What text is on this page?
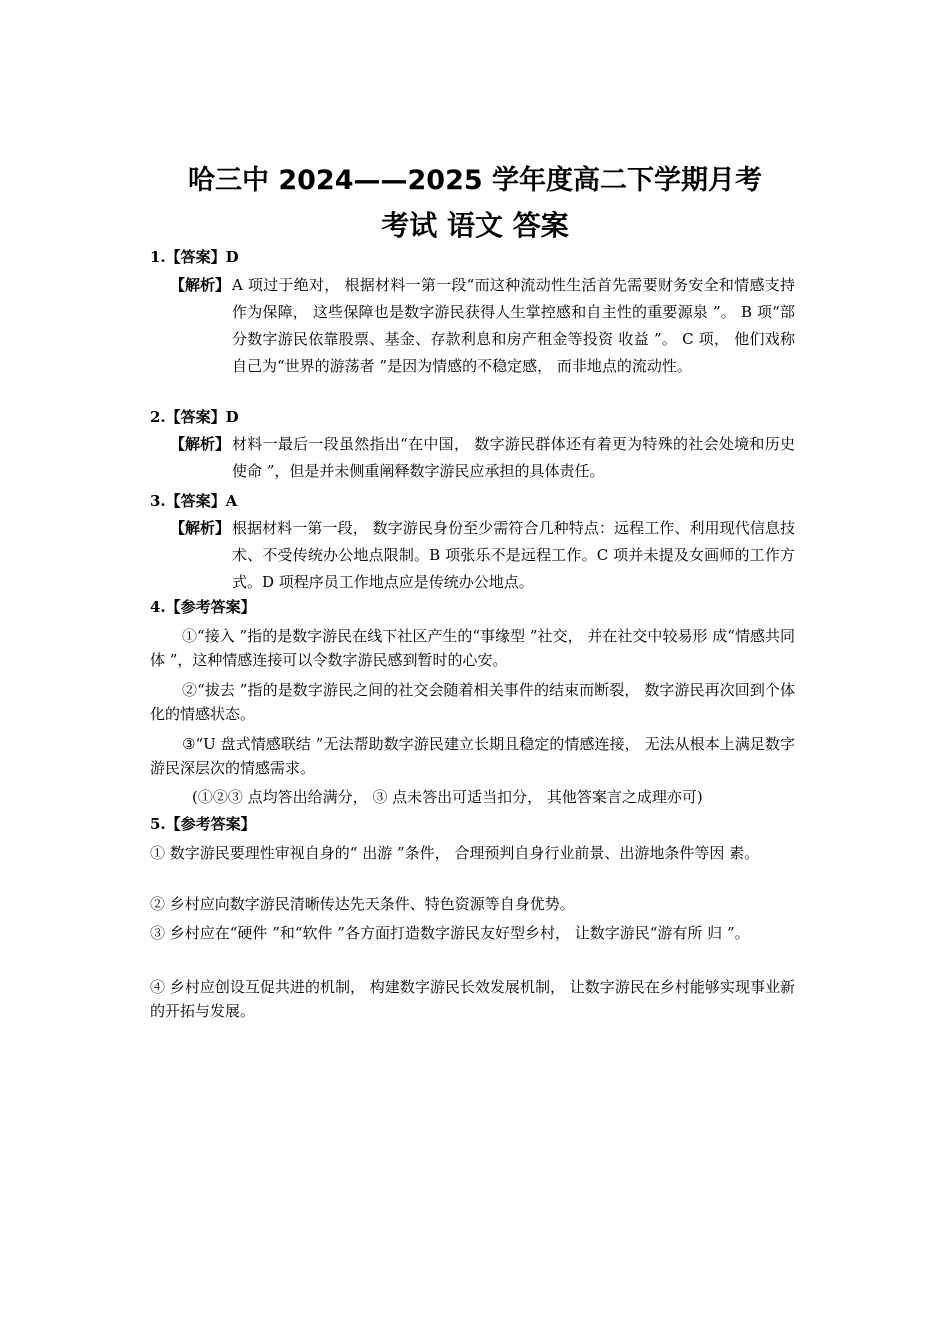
哈三中 2024——2025 学年度高二下学期月考
考试 语文 答案
1.【答案】D
【解析】 A 项过于绝对， 根据材料一第一段“而这种流动性生活首先需要财务安全和情感支持作为保障， 这些保障也是数字游民获得人生掌控感和自主性的重要源泉 ”。 B 项“部分数字游民依靠股票、基金、存款利息和房产租金等投资 收益 ”。 C 项， 他们戏称自己为“世界的游荡者 ”是因为情感的不稳定感， 而非地点的流动性。
2.【答案】D
【解析】 材料一最后一段虽然指出“在中国， 数字游民群体还有着更为特殊的社会处境和历史使命 ”，但是并未侧重阐释数字游民应承担的具体责任。
3.【答案】A
【解析】 根据材料一第一段， 数字游民身份至少需符合几种特点：远程工作、利用现代信息技术、不受传统办公地点限制。B 项张乐不是远程工作。C 项并未提及女画师的工作方式。D 项程序员工作地点应是传统办公地点。
4.【参考答案】
①“接入 ”指的是数字游民在线下社区产生的“事缘型 ”社交， 并在社交中较易形 成“情感共同体 ”，这种情感连接可以令数字游民感到暂时的心安。
②“拔去 ”指的是数字游民之间的社交会随着相关事件的结束而断裂， 数字游民再次回到个体化的情感状态。
③“U 盘式情感联结 ”无法帮助数字游民建立长期且稳定的情感连接， 无法从根本上满足数字游民深层次的情感需求。
(①②③ 点均答出给满分， ③ 点未答出可适当扣分， 其他答案言之成理亦可)
5.【参考答案】
① 数字游民要理性审视自身的“ 出游 ”条件， 合理预判自身行业前景、出游地条件等因 素。
② 乡村应向数字游民清晰传达先天条件、特色资源等自身优势。
③ 乡村应在“硬件 ”和“软件 ”各方面打造数字游民友好型乡村， 让数字游民“游有所 归 ”。
④ 乡村应创设互促共进的机制， 构建数字游民长效发展机制， 让数字游民在乡村能够实现事业新的开拓与发展。
